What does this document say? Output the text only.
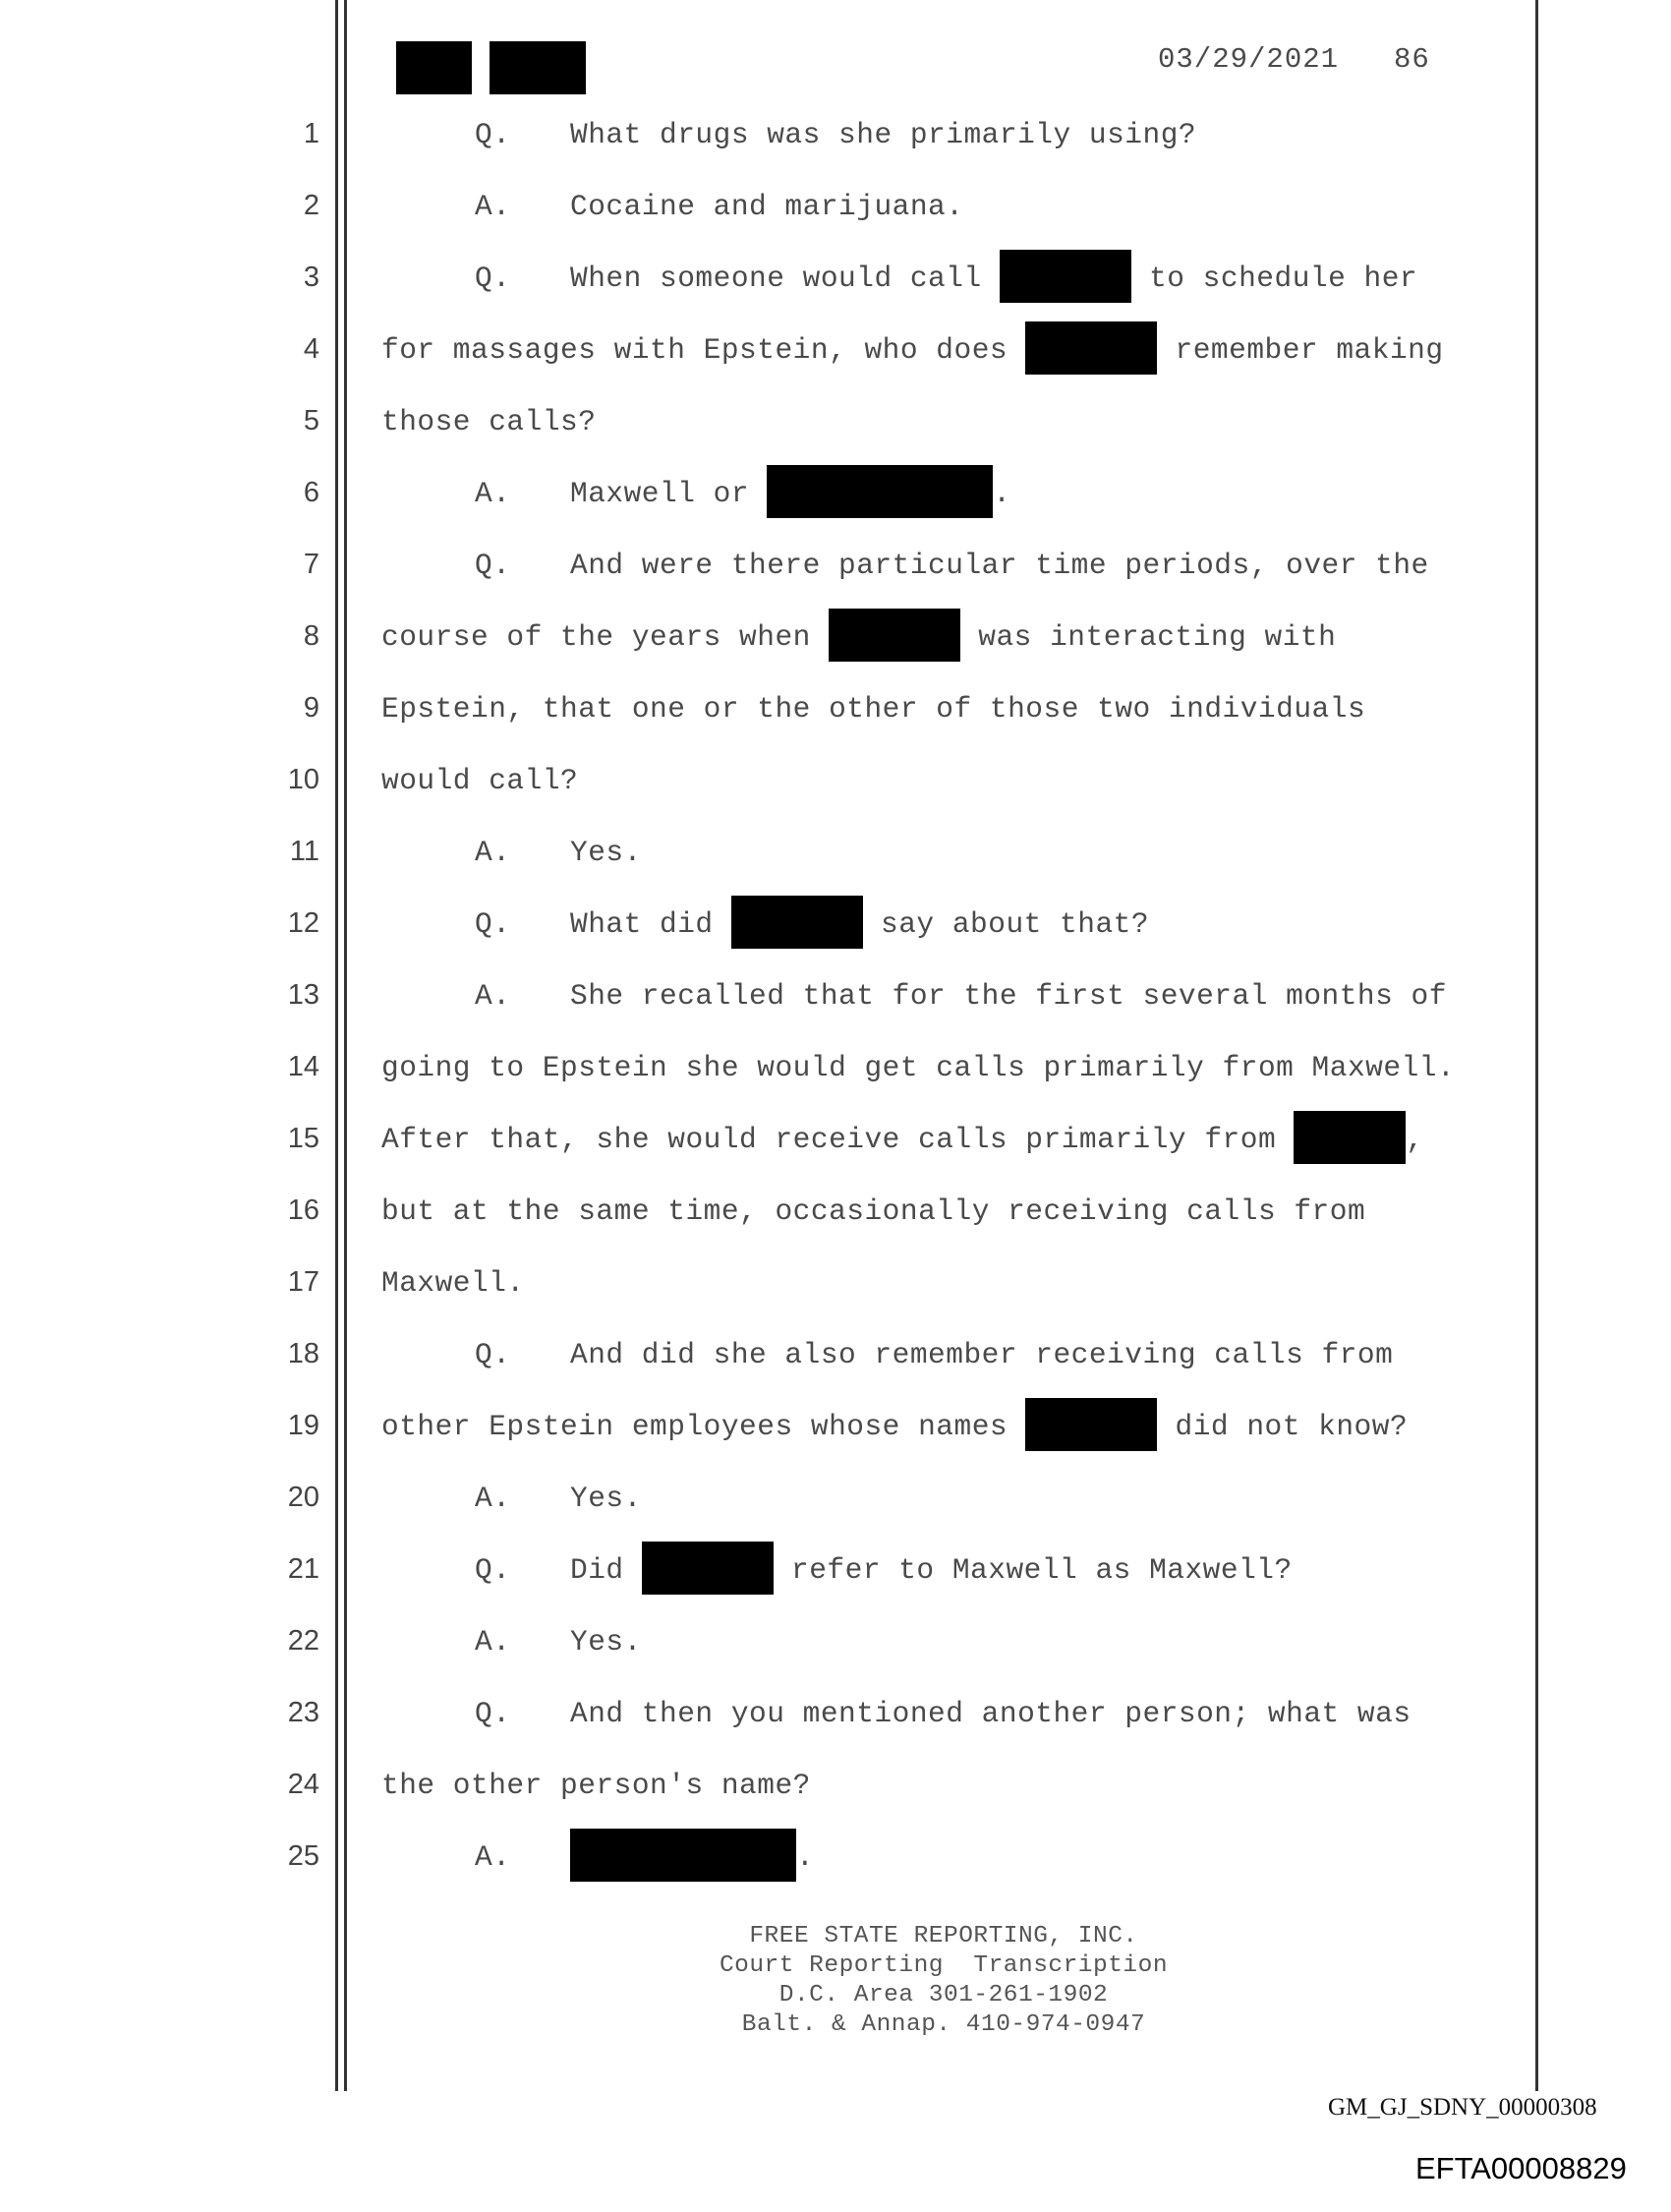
03/29/2021 86
1	Q. What drugs was she primarily using?
2	A. Cocaine and marijuana.
3	Q. When someone would call	to schedule her
4 for massages with Epstein, who does	remember making
5 those calls?
6	A. Maxwell or	.
7	Q. And were there particular time periods, over the
8 course of the years when	was interacting with
9 Epstein, that one or the other of those two individuals
10 would call?
11	A. Yes.
12	Q. What did	say about that?
13	A. She recalled that for the first several months of
14 going to Epstein she would get calls primarily from Maxwell.
15 After that, she would receive calls primarily from	,
16 but at the same time, occasionally receiving calls from
17 Maxwell.
18	Q. And did she also remember receiving calls from
19 other Epstein employees whose names	did not know?
20	A. Yes.
21	Q. Did	refer to Maxwell as Maxwell?
22	A. Yes.
23	Q. And then you mentioned another person; what was
24 the other person's name?
25	A.	.
FREE STATE REPORTING, INC.
Court Reporting  Transcription
D.C. Area 301-261-1902
Balt. & Annap. 410-974-0947
GM_GJ_SDNY_00000308
EFTA00008829
